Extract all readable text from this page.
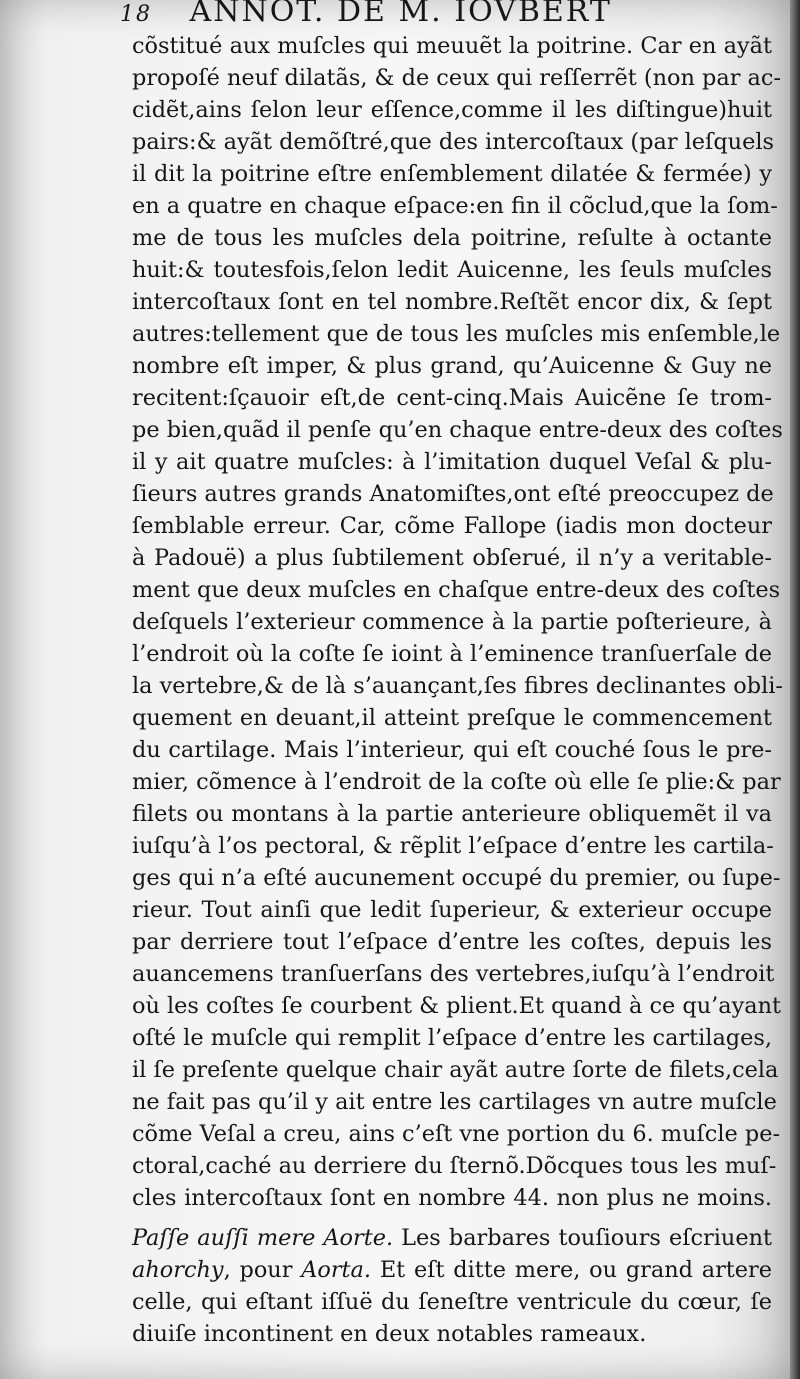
18 ANNOT. DE M. IOVBERT
cõstitué aux muſcles qui meuuẽt la poitrine. Car en ayãt
propoſé neuf dilatãs, & de ceux qui reſſerrẽt (non par ac-
cidẽt,ains ſelon leur eſſence,comme il les diſtingue)huit
pairs:& ayãt demõſtré,que des intercoſtaux (par leſquels
il dit la poitrine eſtre enſemblement dilatée & fermée) y
en a quatre en chaque eſpace:en fin il cõclud,que la ſom-
me de tous les muſcles dela poitrine, reſulte à octante
huit:& toutesfois,ſelon ledit Auicenne, les ſeuls muſcles
intercoſtaux ſont en tel nombre.Reſtẽt encor dix, & ſept
autres:tellement que de tous les muſcles mis enſemble,le
nombre eſt imper, & plus grand, qu’Auicenne & Guy ne
recitent:ſçauoir eſt,de cent-cinq.Mais Auicẽne ſe trom-
pe bien,quãd il penſe qu’en chaque entre-deux des coſtes
il y ait quatre muſcles: à l’imitation duquel Veſal & plu-
ſieurs autres grands Anatomiſtes,ont eſté preoccupez de
ſemblable erreur. Car, cõme Fallope (iadis mon docteur
à Padouë) a plus ſubtilement obſerué, il n’y a veritable-
ment que deux muſcles en chaſque entre-deux des coſtes
deſquels l’exterieur commence à la partie poſterieure, à
l’endroit où la coſte ſe ioint à l’eminence tranſuerſale de
la vertebre,& de là s’auançant,ſes fibres declinantes obli-
quement en deuant,il atteint preſque le commencement
du cartilage. Mais l’interieur, qui eſt couché ſous le pre-
mier, cõmence à l’endroit de la coſte où elle ſe plie:& par
filets ou montans à la partie anterieure obliquemẽt il va
iuſqu’à l’os pectoral, & rẽplit l’eſpace d’entre les cartila-
ges qui n’a eſté aucunement occupé du premier, ou ſupe-
rieur. Tout ainſi que ledit ſuperieur, & exterieur occupe
par derriere tout l’eſpace d’entre les coſtes, depuis les
auancemens tranſuerſans des vertebres,iuſqu’à l’endroit
où les coſtes ſe courbent & plient.Et quand à ce qu’ayant
oſté le muſcle qui remplit l’eſpace d’entre les cartilages,
il ſe preſente quelque chair ayãt autre ſorte de filets,cela
ne fait pas qu’il y ait entre les cartilages vn autre muſcle
cõme Veſal a creu, ains c’eſt vne portion du 6. muſcle pe-
ctoral,caché au derriere du ſternõ.Dõcques tous les muſ-
cles intercoſtaux ſont en nombre 44. non plus ne moins.
Paſſe auſſi mere Aorte. Les barbares touſiours eſcriuent
ahorchy, pour Aorta. Et eſt ditte mere, ou grand artere
celle, qui eſtant iſſuë du ſeneſtre ventricule du cœur, ſe
diuiſe incontinent en deux notables rameaux.
